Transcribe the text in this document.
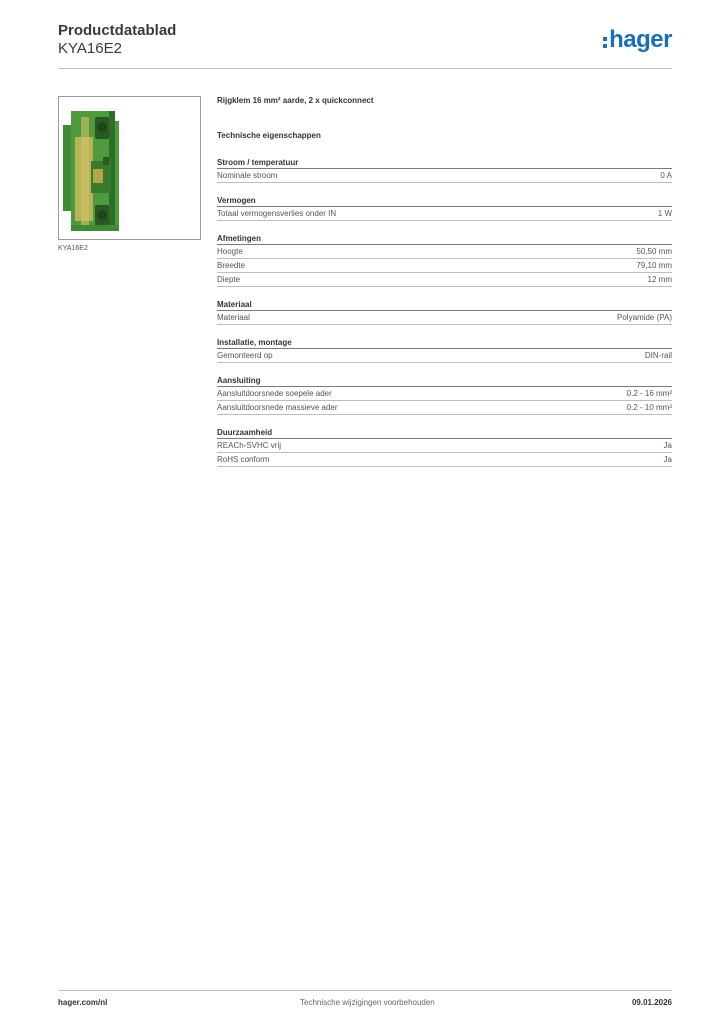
Productdatablad
KYA16E2	hager
KYA16E2
Rijgklem 16 mm² aarde, 2 x quickconnect
Technische eigenschappen
Stroom / temperatuur
Nominale stroom	0 A
Vermogen
Totaal vermogensverlies onder IN	1 W
Afmetingen
Hoogte	50,50 mm
Breedte	79,10 mm
Diepte	12 mm
Materiaal
Materiaal	Polyamide (PA)
Installatie, montage
Gemonteerd op	DIN-rail
Aansluiting
Aansluitdoorsnede soepele ader	0.2 - 16 mm²
Aansluitdoorsnede massieve ader	0.2 - 10 mm²
Duurzaamheid
REACh-SVHC vrij	Ja
RoHS conform	Ja
hager.com/nl	Technische wijzigingen voorbehouden	09.01.2026
